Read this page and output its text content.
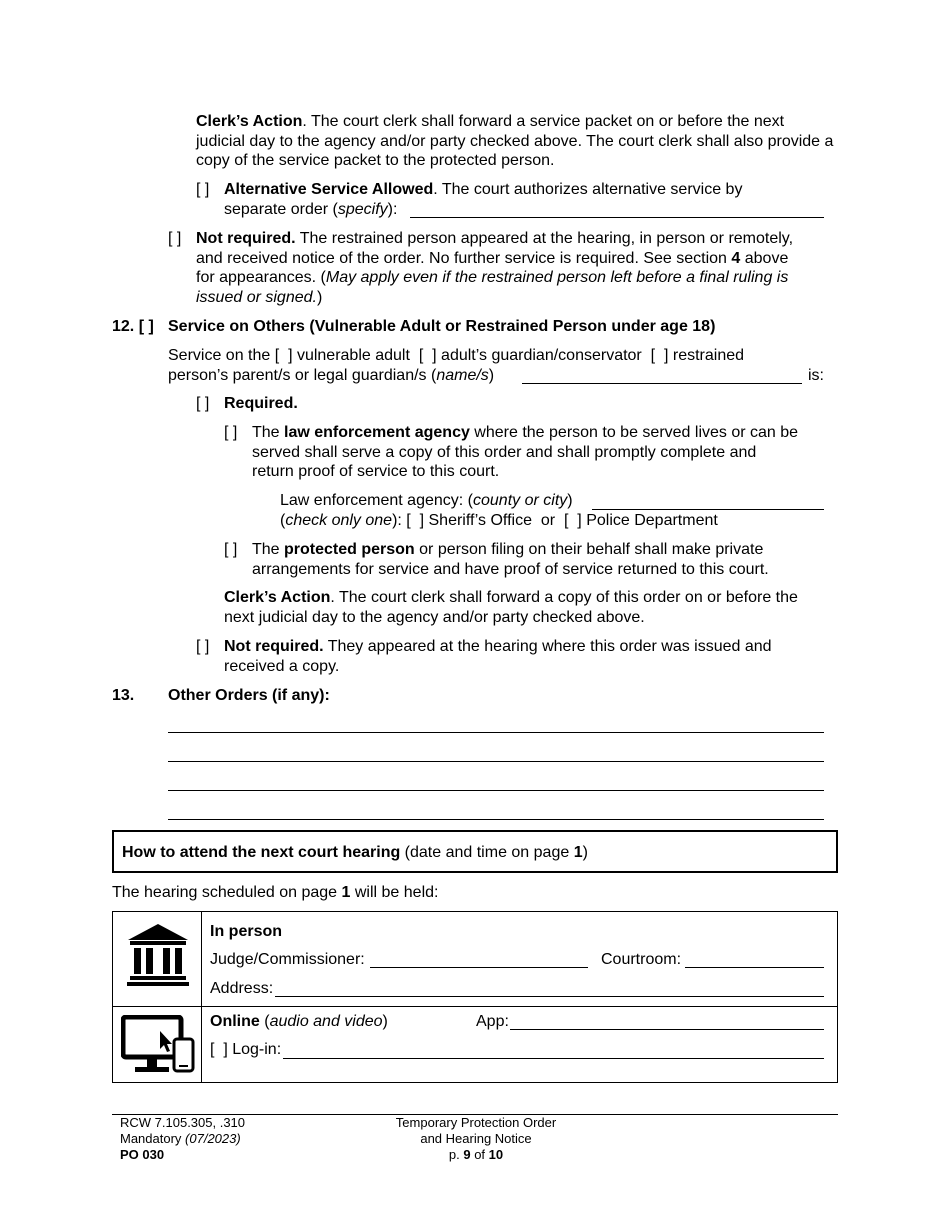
Clerk’s Action. The court clerk shall forward a service packet on or before the next judicial day to the agency and/or party checked above. The court clerk shall also provide a copy of the service packet to the protected person.
[ ] Alternative Service Allowed. The court authorizes alternative service by
separate order (specify):
[ ] Not required. The restrained person appeared at the hearing, in person or remotely,
and received notice of the order. No further service is required. See section 4 above
for appearances. (May apply even if the restrained person left before a final ruling is
issued or signed.)
12. [ ] Service on Others (Vulnerable Adult or Restrained Person under age 18)
Service on the [  ] vulnerable adult  [  ] adult’s guardian/conservator  [  ] restrained
person’s parent/s or legal guardian/s (name/s)	is:
[ ] Required.
[ ] The law enforcement agency where the person to be served lives or can be
served shall serve a copy of this order and shall promptly complete and
return proof of service to this court.
Law enforcement agency: (county or city)
(check only one): [  ] Sheriff’s Office  or  [  ] Police Department
[ ] The protected person or person filing on their behalf shall make private
arrangements for service and have proof of service returned to this court.
Clerk’s Action. The court clerk shall forward a copy of this order on or before the
next judicial day to the agency and/or party checked above.
[ ] Not required. They appeared at the hearing where this order was issued and
received a copy.
13. Other Orders (if any):
How to attend the next court hearing (date and time on page 1)
The hearing scheduled on page 1 will be held:

In person
Judge/Commissioner: Courtroom:
Address:

Online (audio and video) App:
[  ] Log-in:
RCW 7.105.305, .310
Mandatory (07/2023)
PO 030
Temporary Protection Order
and Hearing Notice
p. 9 of 10
